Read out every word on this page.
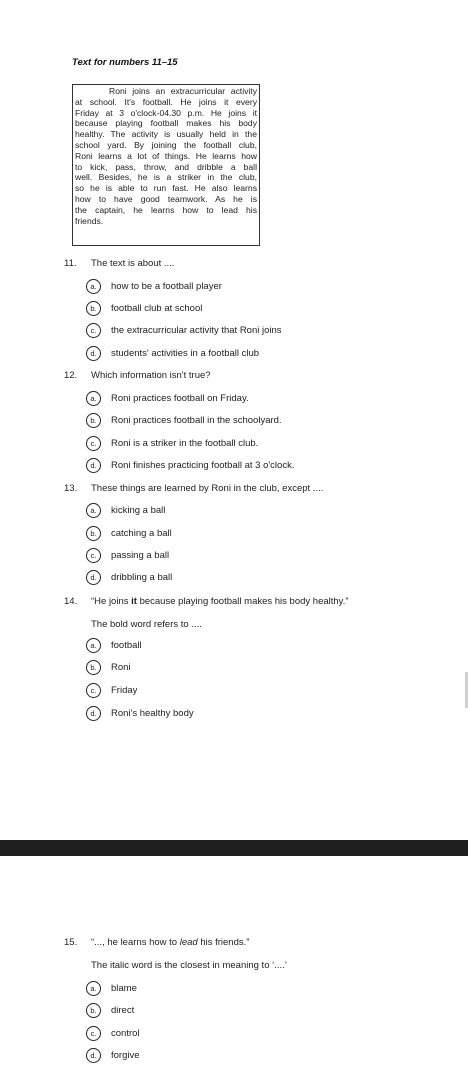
Text for numbers 11–15
Roni joins an extracurricular activity
at school. It's football. He joins it every
Friday at 3 o'clock-04.30 p.m. He joins it
because playing football makes his body
healthy. The activity is usually held in the
school yard. By joining the football club,
Roni learns a lot of things. He learns how
to kick, pass, throw, and dribble a ball
well. Besides, he is a striker in the club,
so he is able to run fast. He also learns
how to have good teamwork. As he is
the captain, he learns how to lead his
friends.
11. The text is about ....
a.	how to be a football player
b.	football club at school
c.	the extracurricular activity that Roni joins
d.	students' activities in a football club
12. Which information isn't true?
a.	Roni practices football on Friday.
b.	Roni practices football in the schoolyard.
c.	Roni is a striker in the football club.
d.	Roni finishes practicing football at 3 o'clock.
13. These things are learned by Roni in the club, except ....
a.	kicking a ball
b.	catching a ball
c.	passing a ball
d.	dribbling a ball
14. “He joins it because playing football makes his body healthy.”
The bold word refers to ....
a.	football
b.	Roni
c.	Friday
d.	Roni's healthy body
15. “..., he learns how to lead his friends.”
The italic word is the closest in meaning to ‘....’
a.	blame
b.	direct
c.	control
d.	forgive
